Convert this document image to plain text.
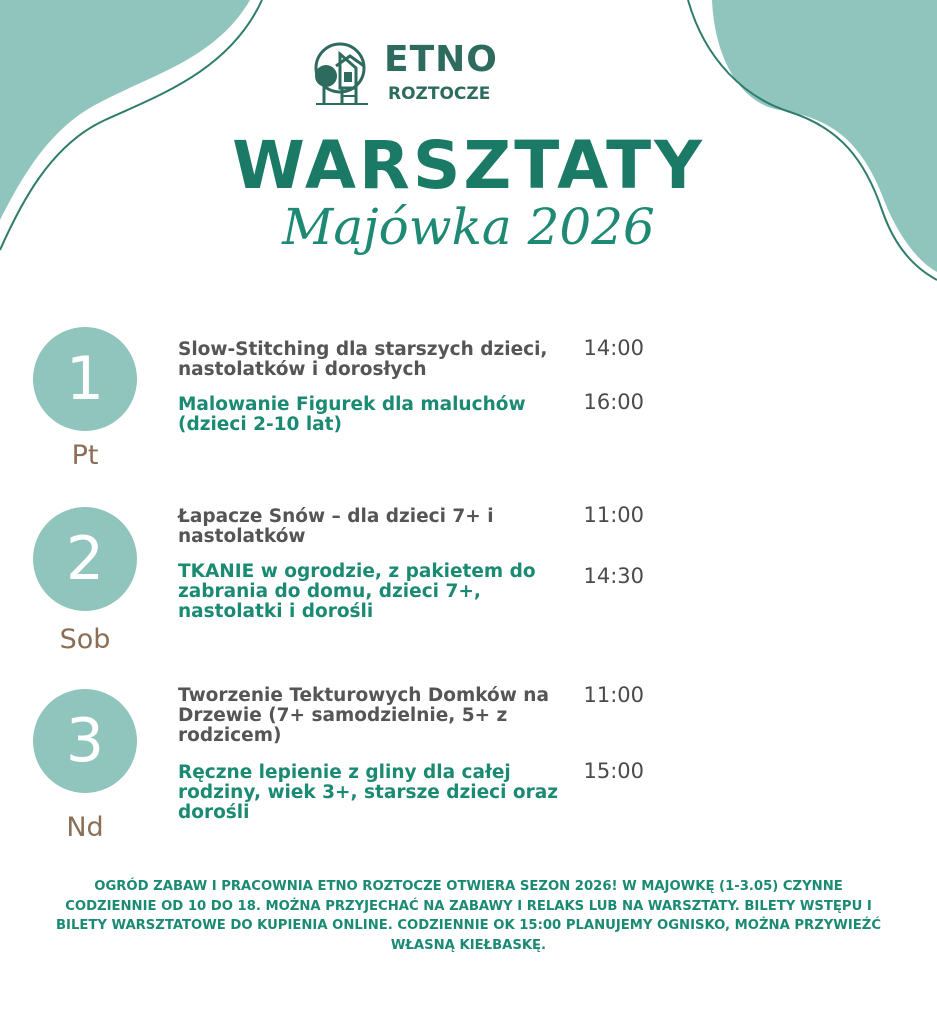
ETNO
ROZTOCZE
WARSZTATY
Majówka 2026
1
Pt
Slow-Stitching dla starszych dzieci, nastolatków i dorosłych
14:00
Malowanie Figurek dla maluchów (dzieci 2-10 lat)
16:00
2
Sob
Łapacze Snów – dla dzieci 7+ i nastolatków
11:00
TKANIE w ogrodzie, z pakietem do zabrania do domu, dzieci 7+, nastolatki i dorośli
14:30
3
Nd
Tworzenie Tekturowych Domków na Drzewie (7+ samodzielnie, 5+ z rodzicem)
11:00
Ręczne lepienie z gliny dla całej rodziny, wiek 3+, starsze dzieci oraz dorośli
15:00
OGRÓD ZABAW I PRACOWNIA ETNO ROZTOCZE OTWIERA SEZON 2026! W MAJOWKĘ (1-3.05) CZYNNE CODZIENNIE OD 10 DO 18. MOŻNA PRZYJECHAĆ NA ZABAWY I RELAKS LUB NA WARSZTATY. BILETY WSTĘPU I BILETY WARSZTATOWE DO KUPIENIA ONLINE. CODZIENNIE OK 15:00 PLANUJEMY OGNISKO, MOŻNA PRZYWIEŹĆ WŁASNĄ KIEŁBASKĘ.
